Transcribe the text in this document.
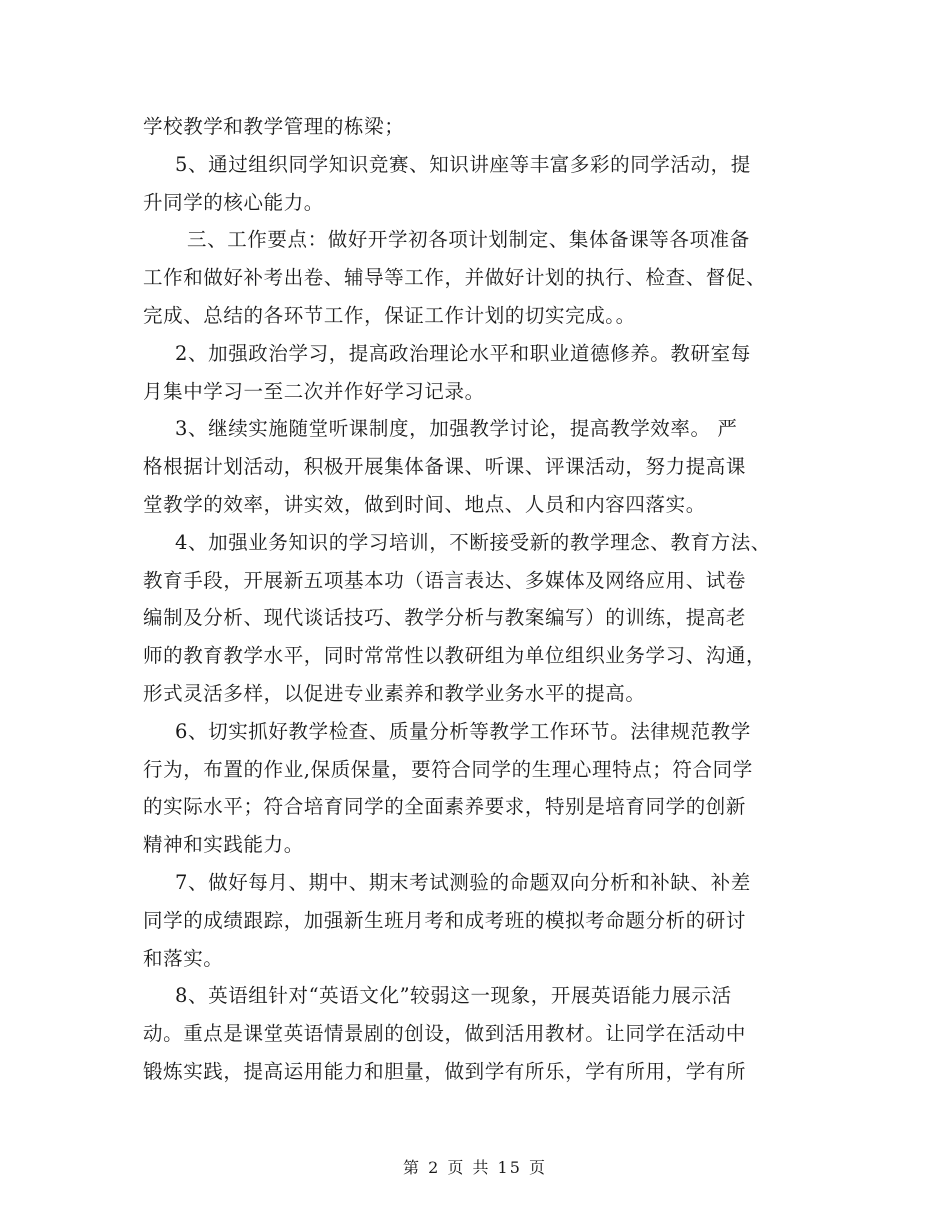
学校教学和教学管理的栋梁；
5、通过组织同学知识竞赛、知识讲座等丰富多彩的同学活动，提
升同学的核心能力。
三、工作要点：做好开学初各项计划制定、集体备课等各项准备
工作和做好补考出卷、辅导等工作，并做好计划的执行、检查、督促、
完成、总结的各环节工作，保证工作计划的切实完成。。
2、加强政治学习，提高政治理论水平和职业道德修养。教研室每
月集中学习一至二次并作好学习记录。
3、继续实施随堂听课制度，加强教学讨论，提高教学效率。 严
格根据计划活动，积极开展集体备课、听课、评课活动，努力提高课
堂教学的效率，讲实效，做到时间、地点、人员和内容四落实。
4、加强业务知识的学习培训，不断接受新的教学理念、教育方法、
教育手段，开展新五项基本功（语言表达、多媒体及网络应用、试卷
编制及分析、现代谈话技巧、教学分析与教案编写）的训练，提高老
师的教育教学水平，同时常常性以教研组为单位组织业务学习、沟通，
形式灵活多样，以促进专业素养和教学业务水平的提高。
6、切实抓好教学检查、质量分析等教学工作环节。法律规范教学
行为，布置的作业,保质保量，要符合同学的生理心理特点；符合同学
的实际水平；符合培育同学的全面素养要求，特别是培育同学的创新
精神和实践能力。
7、做好每月、期中、期末考试测验的命题双向分析和补缺、补差
同学的成绩跟踪，加强新生班月考和成考班的模拟考命题分析的研讨
和落实。
8、英语组针对“英语文化”较弱这一现象，开展英语能力展示活
动。重点是课堂英语情景剧的创设，做到活用教材。让同学在活动中
锻炼实践，提高运用能力和胆量，做到学有所乐，学有所用，学有所
第 2 页 共 15 页
